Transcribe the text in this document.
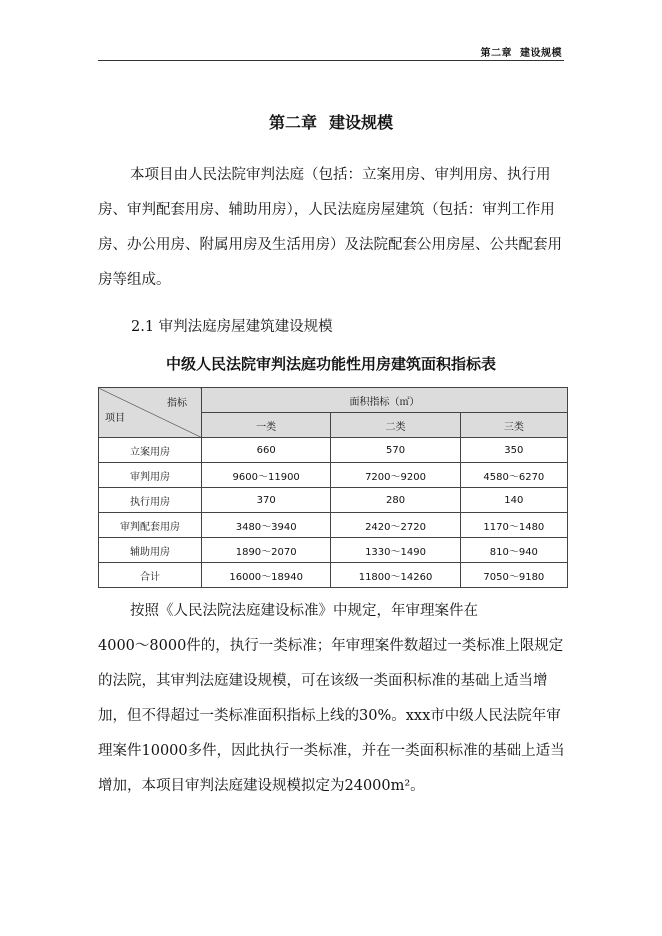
第二章 建设规模
第二章 建设规模

本项目由人民法院审判法庭（包括：立案用房、审判用房、执行用房、审判配套用房、辅助用房），人民法庭房屋建筑（包括：审判工作用房、办公用房、附属用房及生活用房）及法院配套公用房屋、公共配套用房等组成。

2.1 审判法庭房屋建筑建设规模
中级人民法院审判法庭功能性用房建筑面积指标表
指标
项目	面积指标（㎡）		
	一类	二类	三类
立案用房	660	570	350
审判用房	9600～11900	7200～9200	4580～6270
执行用房	370	280	140
审判配套用房	3480～3940	2420～2720	1170～1480
辅助用房	1890～2070	1330～1490	810～940
合计	16000～18940	11800～14260	7050～9180
按照《人民法院法庭建设标准》中规定，年审理案件在
4000～8000件的，执行一类标准；年审理案件数超过一类标准上限规定的法院，其审判法庭建设规模，可在该级一类面积标准的基础上适当增加，但不得超过一类标准面积指标上线的30%。xxx市中级人民法院年审理案件10000多件，因此执行一类标准，并在一类面积标准的基础上适当增加，本项目审判法庭建设规模拟定为24000m²。
